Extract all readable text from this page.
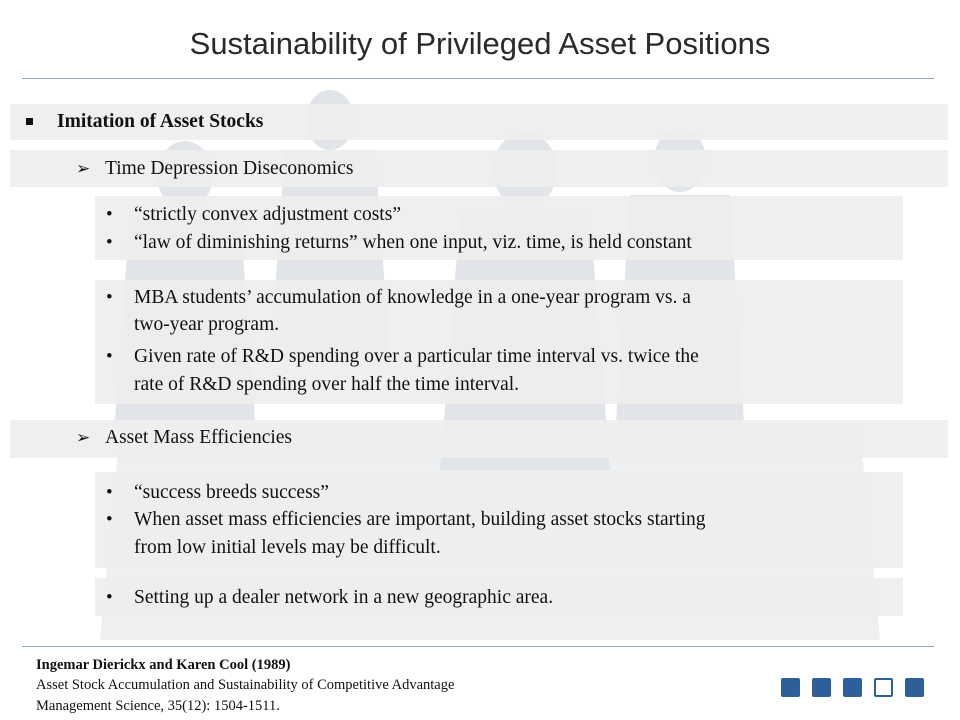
Sustainability of Privileged Asset Positions
Imitation of Asset Stocks
➢ Time Depression Diseconomics
• “strictly convex adjustment costs”
• “law of diminishing returns” when one input, viz. time, is held constant
• MBA students’ accumulation of knowledge in a one-year program vs. a
two-year program.
• Given rate of R&D spending over a particular time interval vs. twice the
rate of R&D spending over half the time interval.
➢ Asset Mass Efficiencies
• “success breeds success”
• When asset mass efficiencies are important, building asset stocks starting
from low initial levels may be difficult.
• Setting up a dealer network in a new geographic area.
Ingemar Dierickx and Karen Cool (1989)
Asset Stock Accumulation and Sustainability of Competitive Advantage
Management Science, 35(12): 1504-1511.
